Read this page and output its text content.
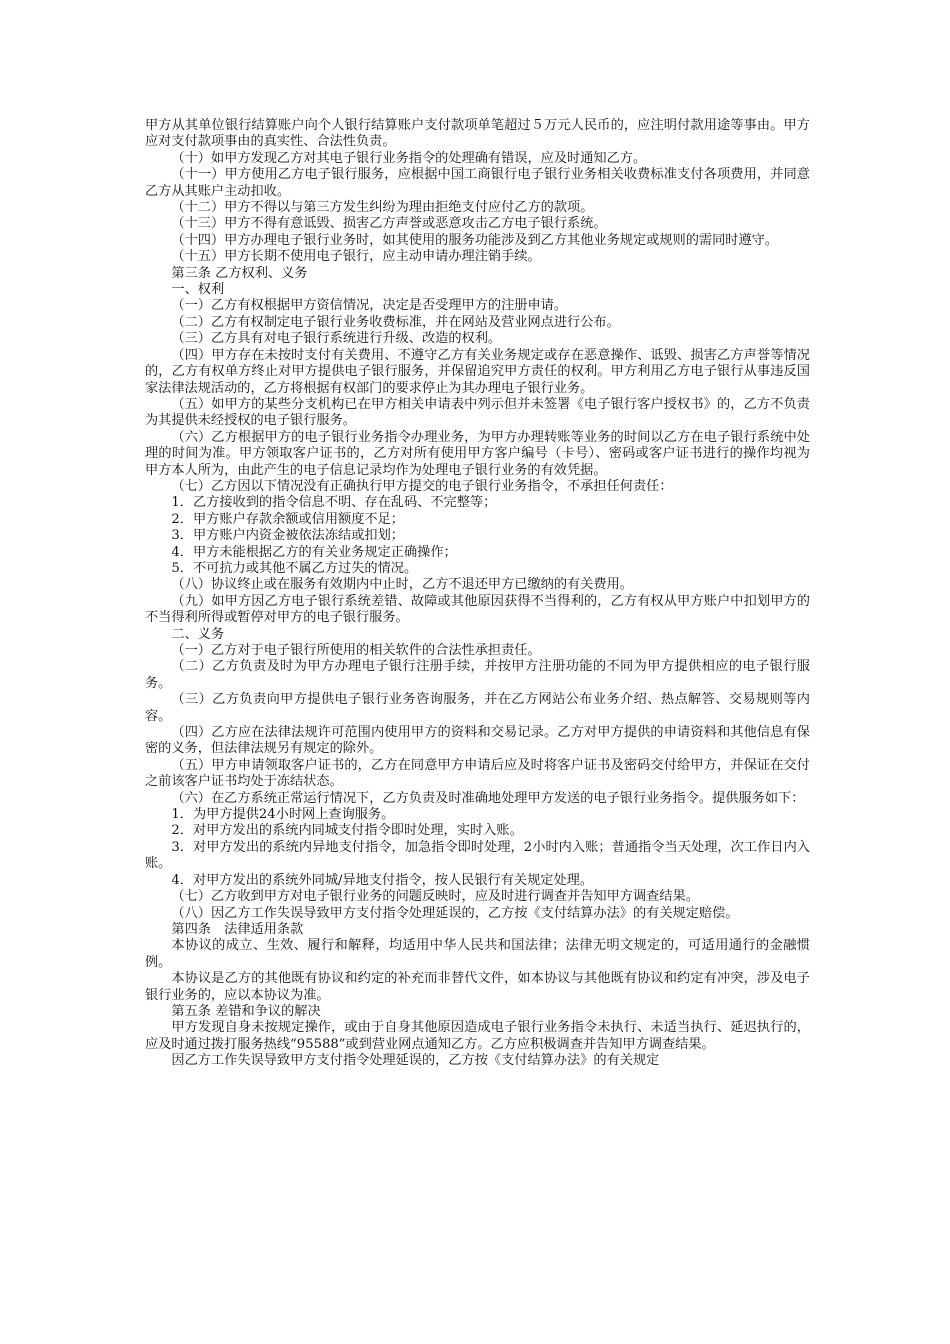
甲方从其单位银行结算账户向个人银行结算账户支付款项单笔超过５万元人民币的，应注明付款用途等事由。甲方应对支付款项事由的真实性、合法性负责。

（十）如甲方发现乙方对其电子银行业务指令的处理确有错误，应及时通知乙方。

（十一）甲方使用乙方电子银行服务，应根据中国工商银行电子银行业务相关收费标准支付各项费用，并同意乙方从其账户主动扣收。

（十二）甲方不得以与第三方发生纠纷为理由拒绝支付应付乙方的款项。

（十三）甲方不得有意诋毁、损害乙方声誉或恶意攻击乙方电子银行系统。

（十四）甲方办理电子银行业务时，如其使用的服务功能涉及到乙方其他业务规定或规则的需同时遵守。

（十五）甲方长期不使用电子银行，应主动申请办理注销手续。

第三条 乙方权利、义务

一、权利

（一）乙方有权根据甲方资信情况，决定是否受理甲方的注册申请。

（二）乙方有权制定电子银行业务收费标准，并在网站及营业网点进行公布。

（三）乙方具有对电子银行系统进行升级、改造的权利。

（四）甲方存在未按时支付有关费用、不遵守乙方有关业务规定或存在恶意操作、诋毁、损害乙方声誉等情况的，乙方有权单方终止对甲方提供电子银行服务，并保留追究甲方责任的权利。甲方利用乙方电子银行从事违反国家法律法规活动的，乙方将根据有权部门的要求停止为其办理电子银行业务。

（五）如甲方的某些分支机构已在甲方相关申请表中列示但并未签署《电子银行客户授权书》的，乙方不负责为其提供未经授权的电子银行服务。

（六）乙方根据甲方的电子银行业务指令办理业务，为甲方办理转账等业务的时间以乙方在电子银行系统中处理的时间为准。甲方领取客户证书的，乙方对所有使用甲方客户编号（卡号）、密码或客户证书进行的操作均视为甲方本人所为，由此产生的电子信息记录均作为处理电子银行业务的有效凭据。

（七）乙方因以下情况没有正确执行甲方提交的电子银行业务指令，不承担任何责任：

1．乙方接收到的指令信息不明、存在乱码、不完整等；

2．甲方账户存款余额或信用额度不足；

3．甲方账户内资金被依法冻结或扣划；

4．甲方未能根据乙方的有关业务规定正确操作；

5．不可抗力或其他不属乙方过失的情况。

（八）协议终止或在服务有效期内中止时，乙方不退还甲方已缴纳的有关费用。

（九）如甲方因乙方电子银行系统差错、故障或其他原因获得不当得利的，乙方有权从甲方账户中扣划甲方的不当得利所得或暂停对甲方的电子银行服务。

二、义务

（一）乙方对于电子银行所使用的相关软件的合法性承担责任。

（二）乙方负责及时为甲方办理电子银行注册手续，并按甲方注册功能的不同为甲方提供相应的电子银行服务。

（三）乙方负责向甲方提供电子银行业务咨询服务，并在乙方网站公布业务介绍、热点解答、交易规则等内容。

（四）乙方应在法律法规许可范围内使用甲方的资料和交易记录。乙方对甲方提供的申请资料和其他信息有保密的义务，但法律法规另有规定的除外。

（五）甲方申请领取客户证书的，乙方在同意甲方申请后应及时将客户证书及密码交付给甲方，并保证在交付之前该客户证书均处于冻结状态。

（六）在乙方系统正常运行情况下，乙方负责及时准确地处理甲方发送的电子银行业务指令。提供服务如下：

1．为甲方提供24小时网上查询服务。

2．对甲方发出的系统内同城支付指令即时处理，实时入账。

3．对甲方发出的系统内异地支付指令，加急指令即时处理，2小时内入账；普通指令当天处理，次工作日内入账。

4．对甲方发出的系统外同城/异地支付指令，按人民银行有关规定处理。

（七）乙方收到甲方对电子银行业务的问题反映时，应及时进行调查并告知甲方调查结果。

（八）因乙方工作失误导致甲方支付指令处理延误的，乙方按《支付结算办法》的有关规定赔偿。

第四条　法律适用条款

本协议的成立、生效、履行和解释，均适用中华人民共和国法律；法律无明文规定的，可适用通行的金融惯例。

本协议是乙方的其他既有协议和约定的补充而非替代文件，如本协议与其他既有协议和约定有冲突，涉及电子银行业务的，应以本协议为准。

第五条 差错和争议的解决

甲方发现自身未按规定操作，或由于自身其他原因造成电子银行业务指令未执行、未适当执行、延迟执行的，应及时通过拨打服务热线“95588”或到营业网点通知乙方。乙方应积极调查并告知甲方调查结果。

因乙方工作失误导致甲方支付指令处理延误的，乙方按《支付结算办法》的有关规定
